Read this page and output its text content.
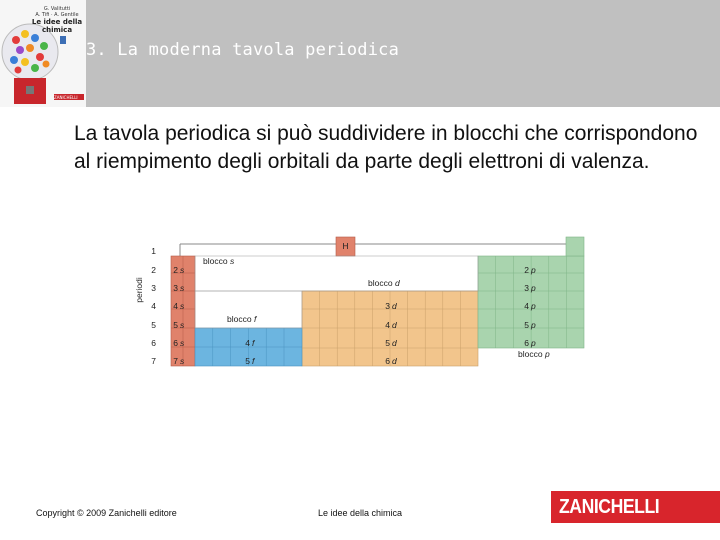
G. Valitutti
A. Tifi · A. Gentile
Le idee della
chimica
ZANICHELLI
3. La moderna tavola periodica
La tavola periodica si può suddividere in blocchi che corrispondono al riempimento degli orbitali da parte degli elettroni di valenza.
H
1
2
3
4
5
6
7
periodi
2 s
3 s
4 s
5 s
6 s
7 s
3 d
4 d
5 d
6 d
4 f
5 f
2 p
3 p
4 p
5 p
6 p
blocco s
blocco d
blocco f
blocco p
Copyright © 2009 Zanichelli editore	Le idee della chimica	ZANICHELLI
